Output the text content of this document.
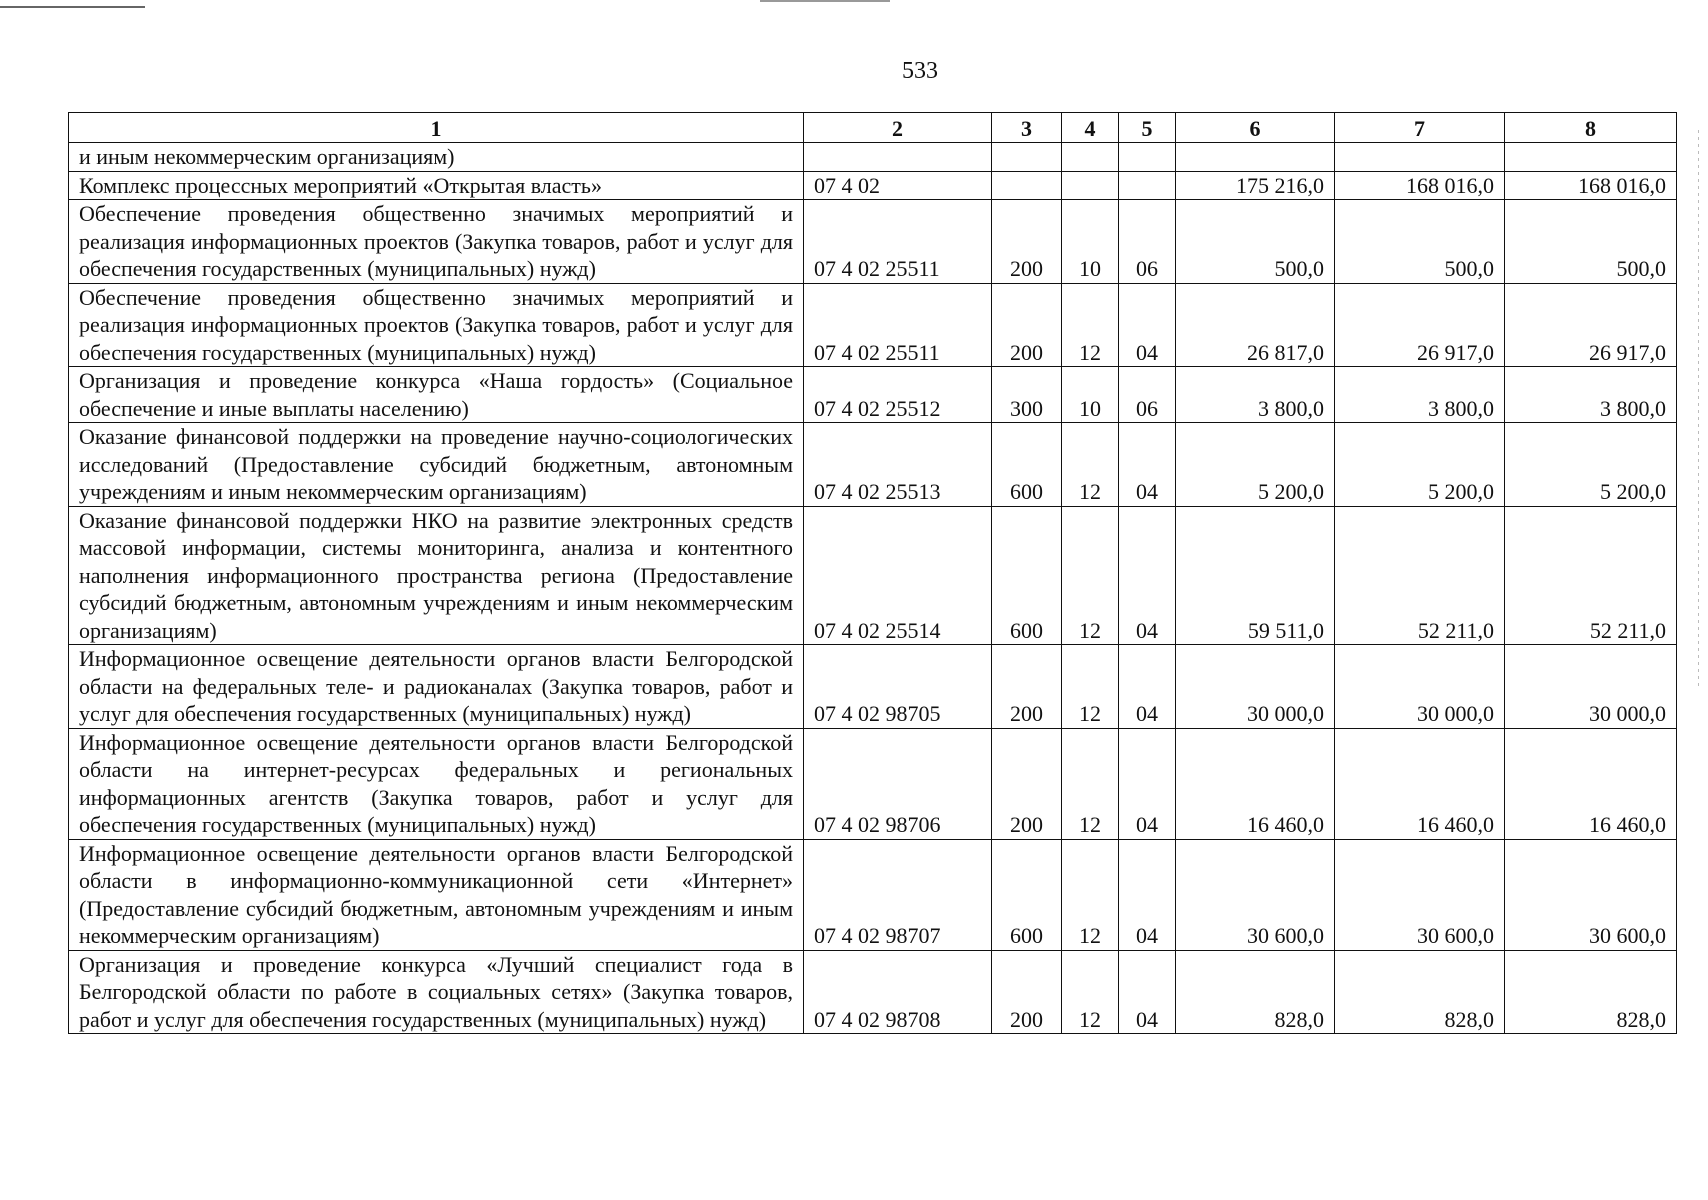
533
1	2	3	4	5	6	7	8
и иным некоммерческим организациям)							
Комплекс процессных мероприятий «Открытая власть»	07 4 02				175 216,0	168 016,0	168 016,0
Обеспечение проведения общественно значимых мероприятий и реализация информационных проектов (Закупка товаров, работ и услуг для обеспечения государственных (муниципальных) нужд)	07 4 02 25511	200	10	06	500,0	500,0	500,0
Обеспечение проведения общественно значимых мероприятий и реализация информационных проектов (Закупка товаров, работ и услуг для обеспечения государственных (муниципальных) нужд)	07 4 02 25511	200	12	04	26 817,0	26 917,0	26 917,0
Организация и проведение конкурса «Наша гордость» (Социальное обеспечение и иные выплаты населению)	07 4 02 25512	300	10	06	3 800,0	3 800,0	3 800,0
Оказание финансовой поддержки на проведение научно-социологических исследований (Предоставление субсидий бюджетным, автономным учреждениям и иным некоммерческим организациям)	07 4 02 25513	600	12	04	5 200,0	5 200,0	5 200,0
Оказание финансовой поддержки НКО на развитие электронных средств массовой информации, системы мониторинга, анализа и контентного наполнения информационного пространства региона (Предоставление субсидий бюджетным, автономным учреждениям и иным некоммерческим организациям)	07 4 02 25514	600	12	04	59 511,0	52 211,0	52 211,0
Информационное освещение деятельности органов власти Белгородской области на федеральных теле- и радиоканалах (Закупка товаров, работ и услуг для обеспечения государственных (муниципальных) нужд)	07 4 02 98705	200	12	04	30 000,0	30 000,0	30 000,0
Информационное освещение деятельности органов власти Белгородской области на интернет-ресурсах федеральных и региональных информационных агентств (Закупка товаров, работ и услуг для обеспечения государственных (муниципальных) нужд)	07 4 02 98706	200	12	04	16 460,0	16 460,0	16 460,0
Информационное освещение деятельности органов власти Белгородской области в информационно-коммуникационной сети «Интернет» (Предоставление субсидий бюджетным, автономным учреждениям и иным некоммерческим организациям)	07 4 02 98707	600	12	04	30 600,0	30 600,0	30 600,0
Организация и проведение конкурса «Лучший специалист года в Белгородской области по работе в социальных сетях» (Закупка товаров, работ и услуг для обеспечения государственных (муниципальных) нужд)	07 4 02 98708	200	12	04	828,0	828,0	828,0
